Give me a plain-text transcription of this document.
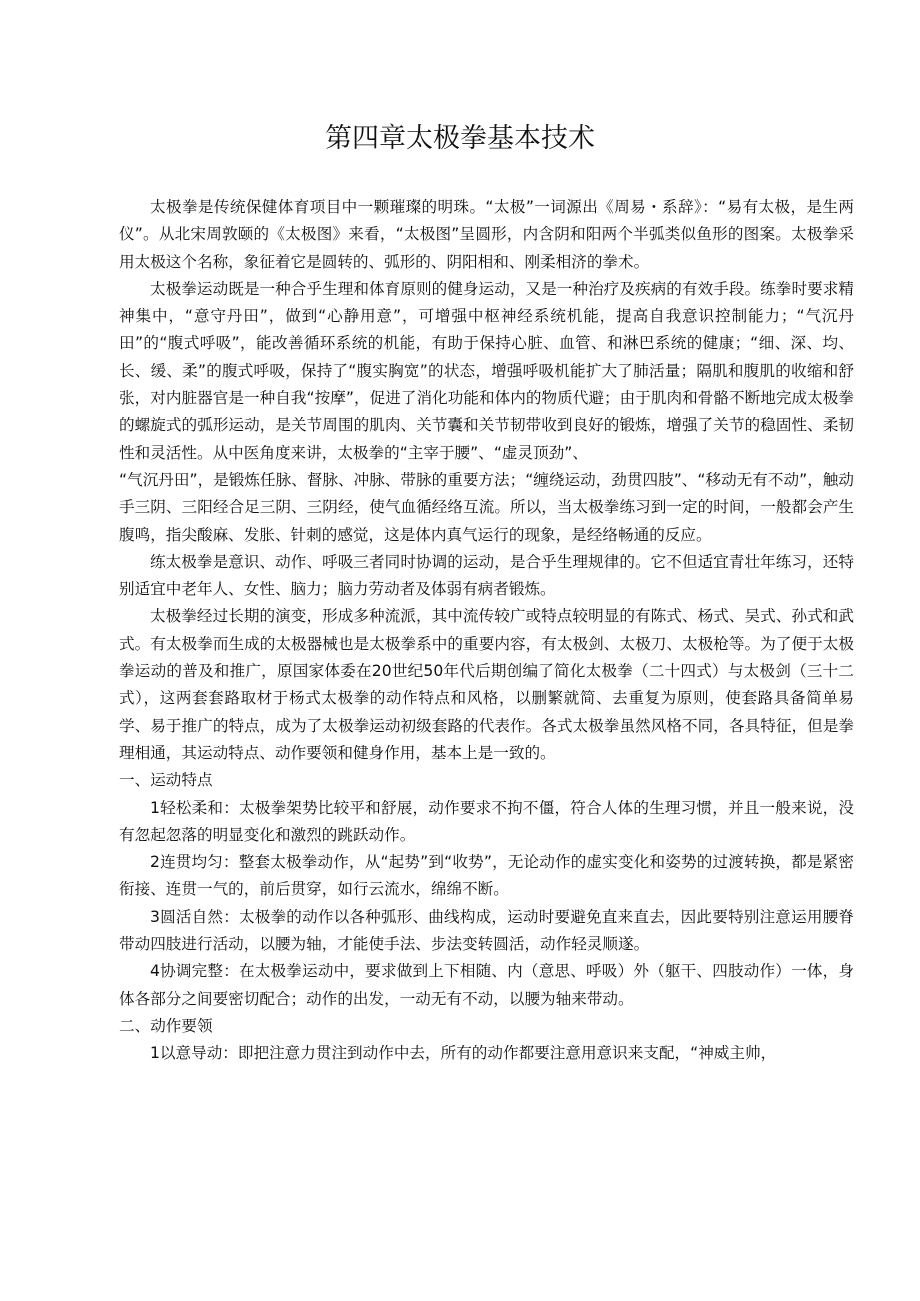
第四章太极拳基本技术

太极拳是传统保健体育项目中一颗璀璨的明珠。“太极”一词源出《周易・系辞》：“易有太极，是生两仪”。从北宋周敦颐的《太极图》来看，“太极图”呈圆形，内含阴和阳两个半弧类似鱼形的图案。太极拳采用太极这个名称，象征着它是圆转的、弧形的、阴阳相和、刚柔相济的拳术。

太极拳运动既是一种合乎生理和体育原则的健身运动，又是一种治疗及疾病的有效手段。练拳时要求精神集中，“意守丹田”，做到“心静用意”，可增强中枢神经系统机能，提高自我意识控制能力；“气沉丹田”的“腹式呼吸”，能改善循环系统的机能，有助于保持心脏、血管、和淋巴系统的健康；“细、深、均、长、缓、柔”的腹式呼吸，保持了“腹实胸宽”的状态，增强呼吸机能扩大了肺活量；隔肌和腹肌的收缩和舒张，对内脏器官是一种自我“按摩”，促进了消化功能和体内的物质代避；由于肌肉和骨骼不断地完成太极拳的螺旋式的弧形运动，是关节周围的肌肉、关节囊和关节韧带收到良好的锻炼，增强了关节的稳固性、柔韧性和灵活性。从中医角度来讲，太极拳的“主宰于腰”、“虚灵顶劲”、

“气沉丹田”，是锻炼任脉、督脉、冲脉、带脉的重要方法；“缠绕运动，劲贯四肢”、“移动无有不动”，触动手三阴、三阳经合足三阴、三阴经，使气血循经络互流。所以，当太极拳练习到一定的时间，一般都会产生腹鸣，指尖酸麻、发胀、针刺的感觉，这是体内真气运行的现象，是经络畅通的反应。

练太极拳是意识、动作、呼吸三者同时协调的运动，是合乎生理规律的。它不但适宜青壮年练习，还特别适宜中老年人、女性、脑力；脑力劳动者及体弱有病者锻炼。

太极拳经过长期的演变，形成多种流派，其中流传较广或特点较明显的有陈式、杨式、吴式、孙式和武式。有太极拳而生成的太极器械也是太极拳系中的重要内容，有太极剑、太极刀、太极枪等。为了便于太极拳运动的普及和推广，原国家体委在20世纪50年代后期创编了简化太极拳（二十四式）与太极剑（三十二式），这两套套路取材于杨式太极拳的动作特点和风格，以删繁就简、去重复为原则，使套路具备简单易学、易于推广的特点，成为了太极拳运动初级套路的代表作。各式太极拳虽然风格不同，各具特征，但是拳理相通，其运动特点、动作要领和健身作用，基本上是一致的。

一、运动特点

1轻松柔和：太极拳架势比较平和舒展，动作要求不拘不僵，符合人体的生理习惯，并且一般来说，没有忽起忽落的明显变化和激烈的跳跃动作。

2连贯均匀：整套太极拳动作，从“起势”到“收势”，无论动作的虚实变化和姿势的过渡转换，都是紧密衔接、连贯一气的，前后贯穿，如行云流水，绵绵不断。

3圆活自然：太极拳的动作以各种弧形、曲线构成，运动时要避免直来直去，因此要特别注意运用腰脊带动四肢进行活动，以腰为轴，才能使手法、步法变转圆活，动作轻灵顺遂。

4协调完整：在太极拳运动中，要求做到上下相随、内（意思、呼吸）外（躯干、四肢动作）一体，身体各部分之间要密切配合；动作的出发，一动无有不动，以腰为轴来带动。

二、动作要领

1以意导动：即把注意力贯注到动作中去，所有的动作都要注意用意识来支配，“神威主帅，
